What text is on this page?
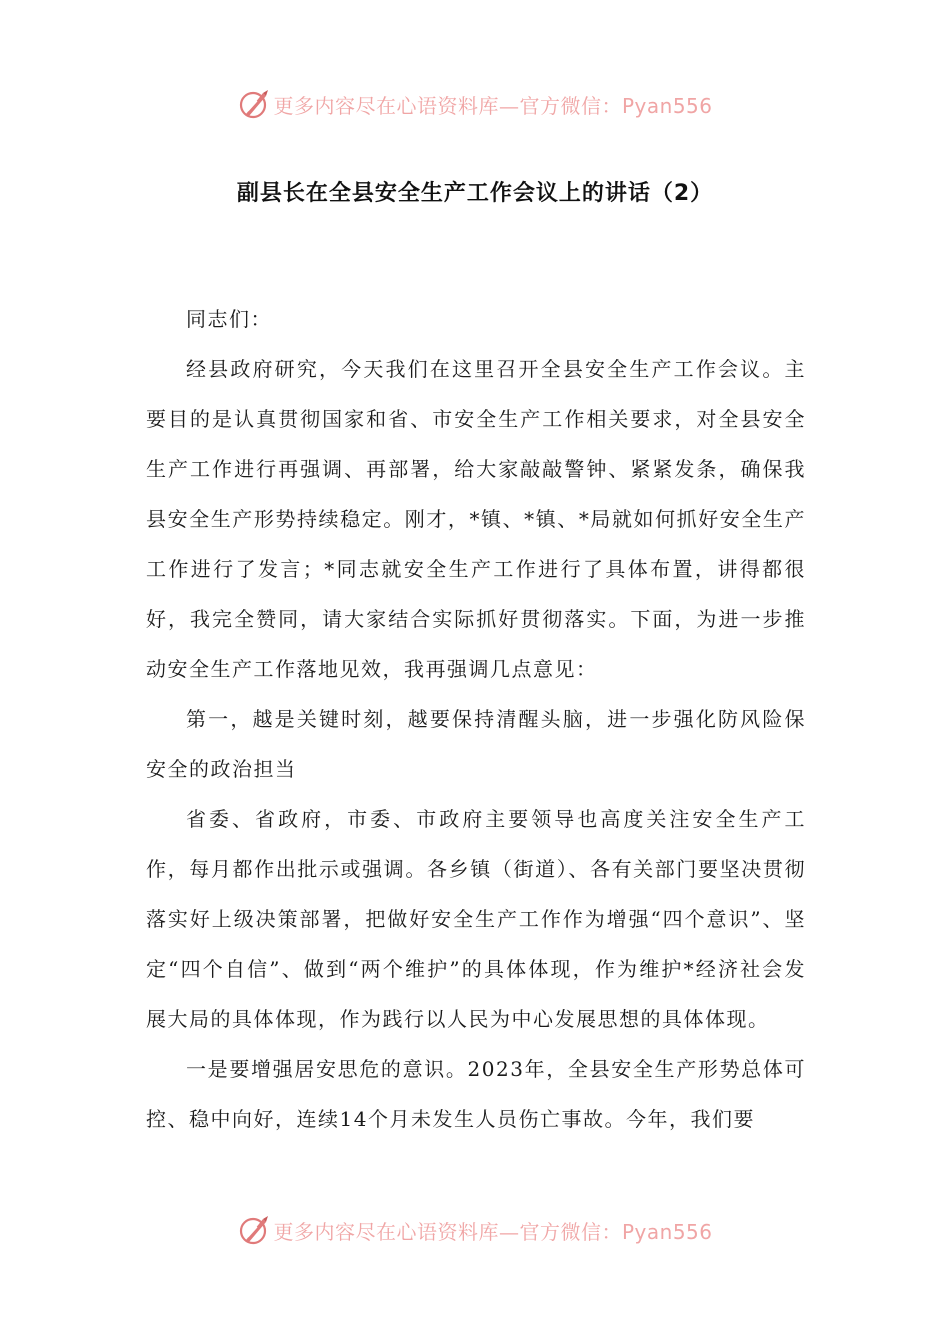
更多内容尽在心语资料库—官方微信：Pyan556
副县长在全县安全生产工作会议上的讲话（2）

同志们：

经县政府研究，今天我们在这里召开全县安全生产工作会议。主要目的是认真贯彻国家和省、市安全生产工作相关要求，对全县安全生产工作进行再强调、再部署，给大家敲敲警钟、紧紧发条，确保我县安全生产形势持续稳定。刚才，*镇、*镇、*局就如何抓好安全生产工作进行了发言；*同志就安全生产工作进行了具体布置，讲得都很好，我完全赞同，请大家结合实际抓好贯彻落实。下面，为进一步推动安全生产工作落地见效，我再强调几点意见：

第一，越是关键时刻，越要保持清醒头脑，进一步强化防风险保安全的政治担当

省委、省政府，市委、市政府主要领导也高度关注安全生产工作，每月都作出批示或强调。各乡镇（街道）、各有关部门要坚决贯彻落实好上级决策部署，把做好安全生产工作作为增强“四个意识”、坚定“四个自信”、做到“两个维护”的具体体现，作为维护*经济社会发展大局的具体体现，作为践行以人民为中心发展思想的具体体现。

一是要增强居安思危的意识。2023年，全县安全生产形势总体可控、稳中向好，连续14个月未发生人员伤亡事故。今年，我们要

更多内容尽在心语资料库—官方微信：Pyan556
